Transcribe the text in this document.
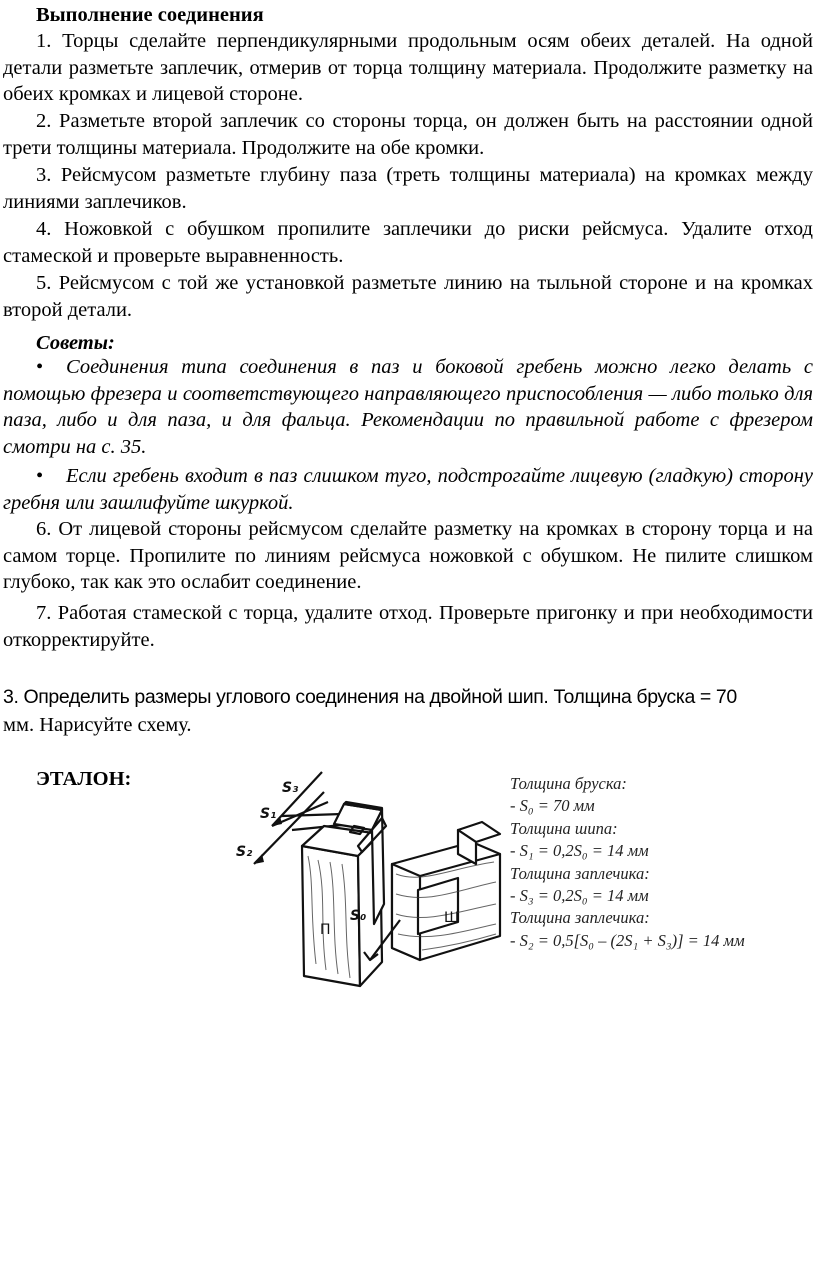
Выполнение соединения
1. Торцы сделайте перпендикулярными продольным осям обеих деталей. На одной детали разметьте заплечик, отмерив от торца толщину материала. Продолжите разметку на обеих кромках и лицевой стороне.
2. Разметьте второй заплечик со стороны торца, он должен быть на расстоянии одной трети толщины материала. Продолжите на обе кромки.
3. Рейсмусом разметьте глубину паза (треть толщины материала) на кромках между линиями заплечиков.
4. Ножовкой с обушком пропилите заплечики до риски рейсмуса. Удалите отход стамеской и проверьте выравненность.
5. Рейсмусом с той же установкой разметьте линию на тыльной стороне и на кромках второй детали.
Советы:
• Соединения типа соединения в паз и боковой гребень можно легко делать с помощью фрезера и соответствующего направляющего приспособления — либо только для паза, либо и для паза, и для фальца. Рекомендации по правильной работе с фрезером смотри на с. 35.
• Если гребень входит в паз слишком туго, подстрогайте лицевую (гладкую) сторону гребня или зашлифуйте шкуркой.
6. От лицевой стороны рейсмусом сделайте разметку на кромках в сторону торца и на самом торце. Пропилите по линиям рейсмуса ножовкой с обушком. Не пилите слишком глубоко, так как это ослабит соединение.
7. Работая стамеской с торца, удалите отход. Проверьте пригонку и при необходимости откорректируйте.
3. Определить размеры углового соединения на двойной шип. Толщина бруска = 70
мм. Нарисуйте схему.
ЭТАЛОН:	S₃
S₁
S₂
S₀
П
Ш
Толщина бруска:
- S₀ = 70 мм
Толщина шипа:
- S₁ = 0,2S₀ = 14 мм
Толщина заплечика:
- S₃ = 0,2S₀ = 14 мм
Толщина заплечика:
- S₂ = 0,5[S₀ – (2S₁ + S₃)] = 14 мм
